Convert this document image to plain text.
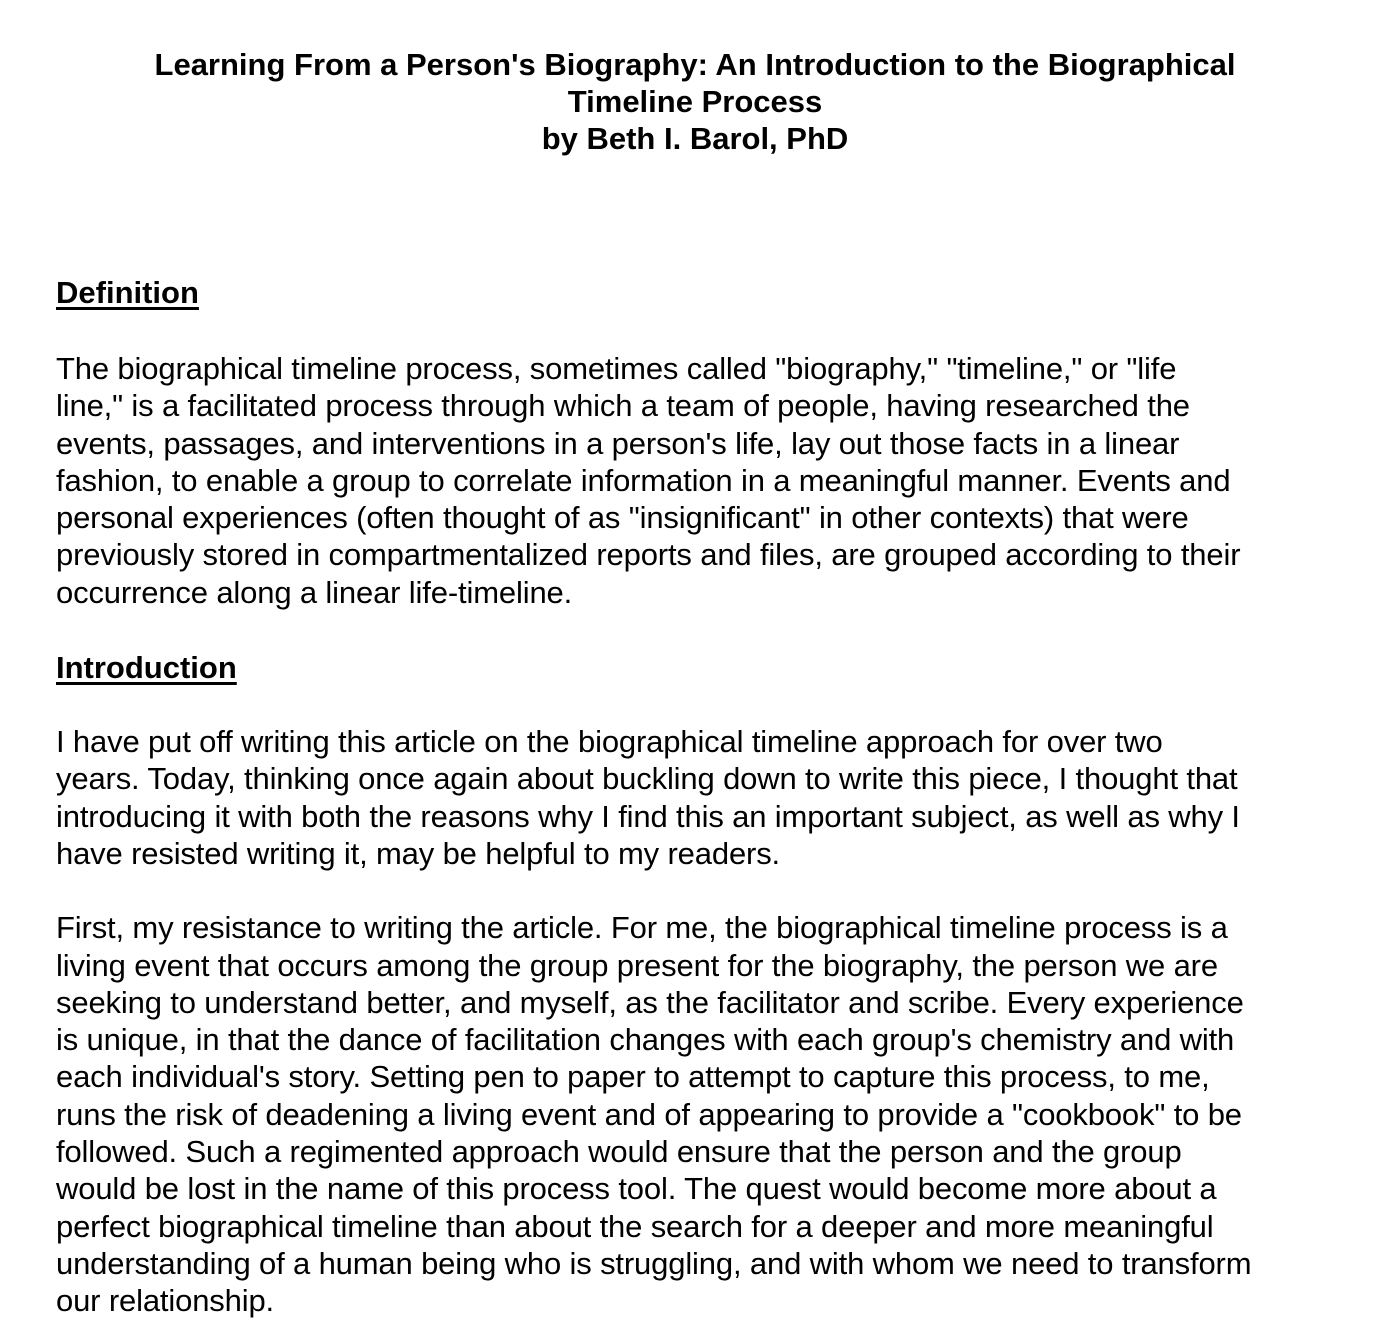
Learning From a Person's Biography: An Introduction to the Biographical
Timeline Process
by Beth I. Barol, PhD
Definition

The biographical timeline process, sometimes called "biography," "timeline," or "life
line," is a facilitated process through which a team of people, having researched the
events, passages, and interventions in a person's life, lay out those facts in a linear
fashion, to enable a group to correlate information in a meaningful manner. Events and
personal experiences (often thought of as "insignificant" in other contexts) that were
previously stored in compartmentalized reports and files, are grouped according to their
occurrence along a linear life-timeline.

Introduction

I have put off writing this article on the biographical timeline approach for over two
years. Today, thinking once again about buckling down to write this piece, I thought that
introducing it with both the reasons why I find this an important subject, as well as why I
have resisted writing it, may be helpful to my readers.

First, my resistance to writing the article. For me, the biographical timeline process is a
living event that occurs among the group present for the biography, the person we are
seeking to understand better, and myself, as the facilitator and scribe. Every experience
is unique, in that the dance of facilitation changes with each group's chemistry and with
each individual's story. Setting pen to paper to attempt to capture this process, to me,
runs the risk of deadening a living event and of appearing to provide a "cookbook" to be
followed. Such a regimented approach would ensure that the person and the group
would be lost in the name of this process tool. The quest would become more about a
perfect biographical timeline than about the search for a deeper and more meaningful
understanding of a human being who is struggling, and with whom we need to transform
our relationship.
